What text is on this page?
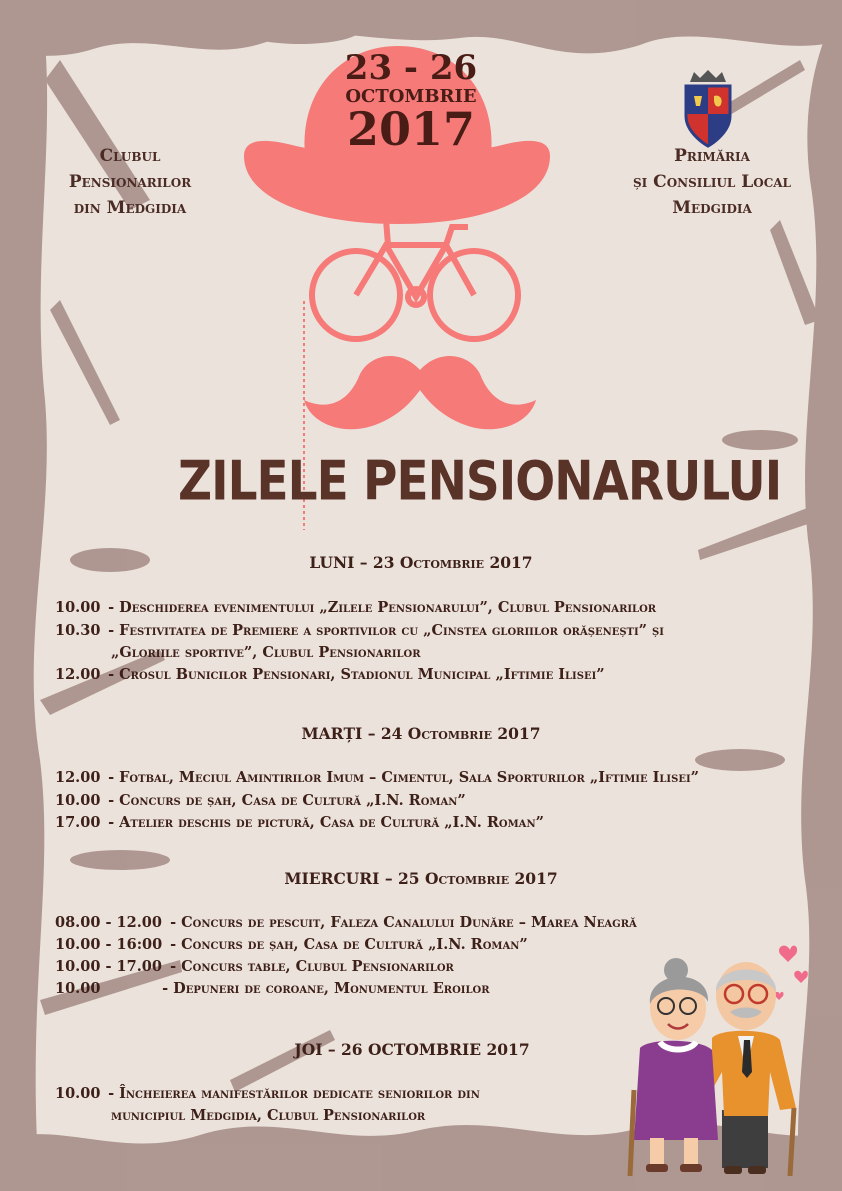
23 - 26
OCTOMBRIE
2017
Clubul
Pensionarilor
din Medgidia
Primăria
și Consiliul Local
Medgidia
ZILELE PENSIONARULUI
LUNI – 23 Octombrie 2017
10.00 - Deschiderea evenimentului „Zilele Pensionarului”, Clubul Pensionarilor
10.30 - Festivitatea de Premiere a sportivilor cu „Cinstea gloriilor orășenești” și
„Gloriile sportive”, Clubul Pensionarilor
12.00 - Crosul Bunicilor Pensionari, Stadionul Municipal „Iftimie Ilisei”
MARȚI – 24 Octombrie 2017
12.00 - Fotbal, Meciul Amintirilor Imum – Cimentul, Sala Sporturilor „Iftimie Ilisei”
10.00 - Concurs de șah, Casa de Cultură „I.N. Roman”
17.00 - Atelier deschis de pictură, Casa de Cultură „I.N. Roman”
MIERCURI – 25 Octombrie 2017
08.00 - 12.00 - Concurs de pescuit, Faleza Canalului Dunăre – Marea Neagră
10.00 - 16:00 - Concurs de șah, Casa de Cultură „I.N. Roman”
10.00 - 17.00 - Concurs table, Clubul Pensionarilor
10.00	- Depuneri de coroane, Monumentul Eroilor
JOI – 26 OCTOMBRIE 2017
10.00 - Încheierea manifestărilor dedicate seniorilor din
municipiul Medgidia, Clubul Pensionarilor
